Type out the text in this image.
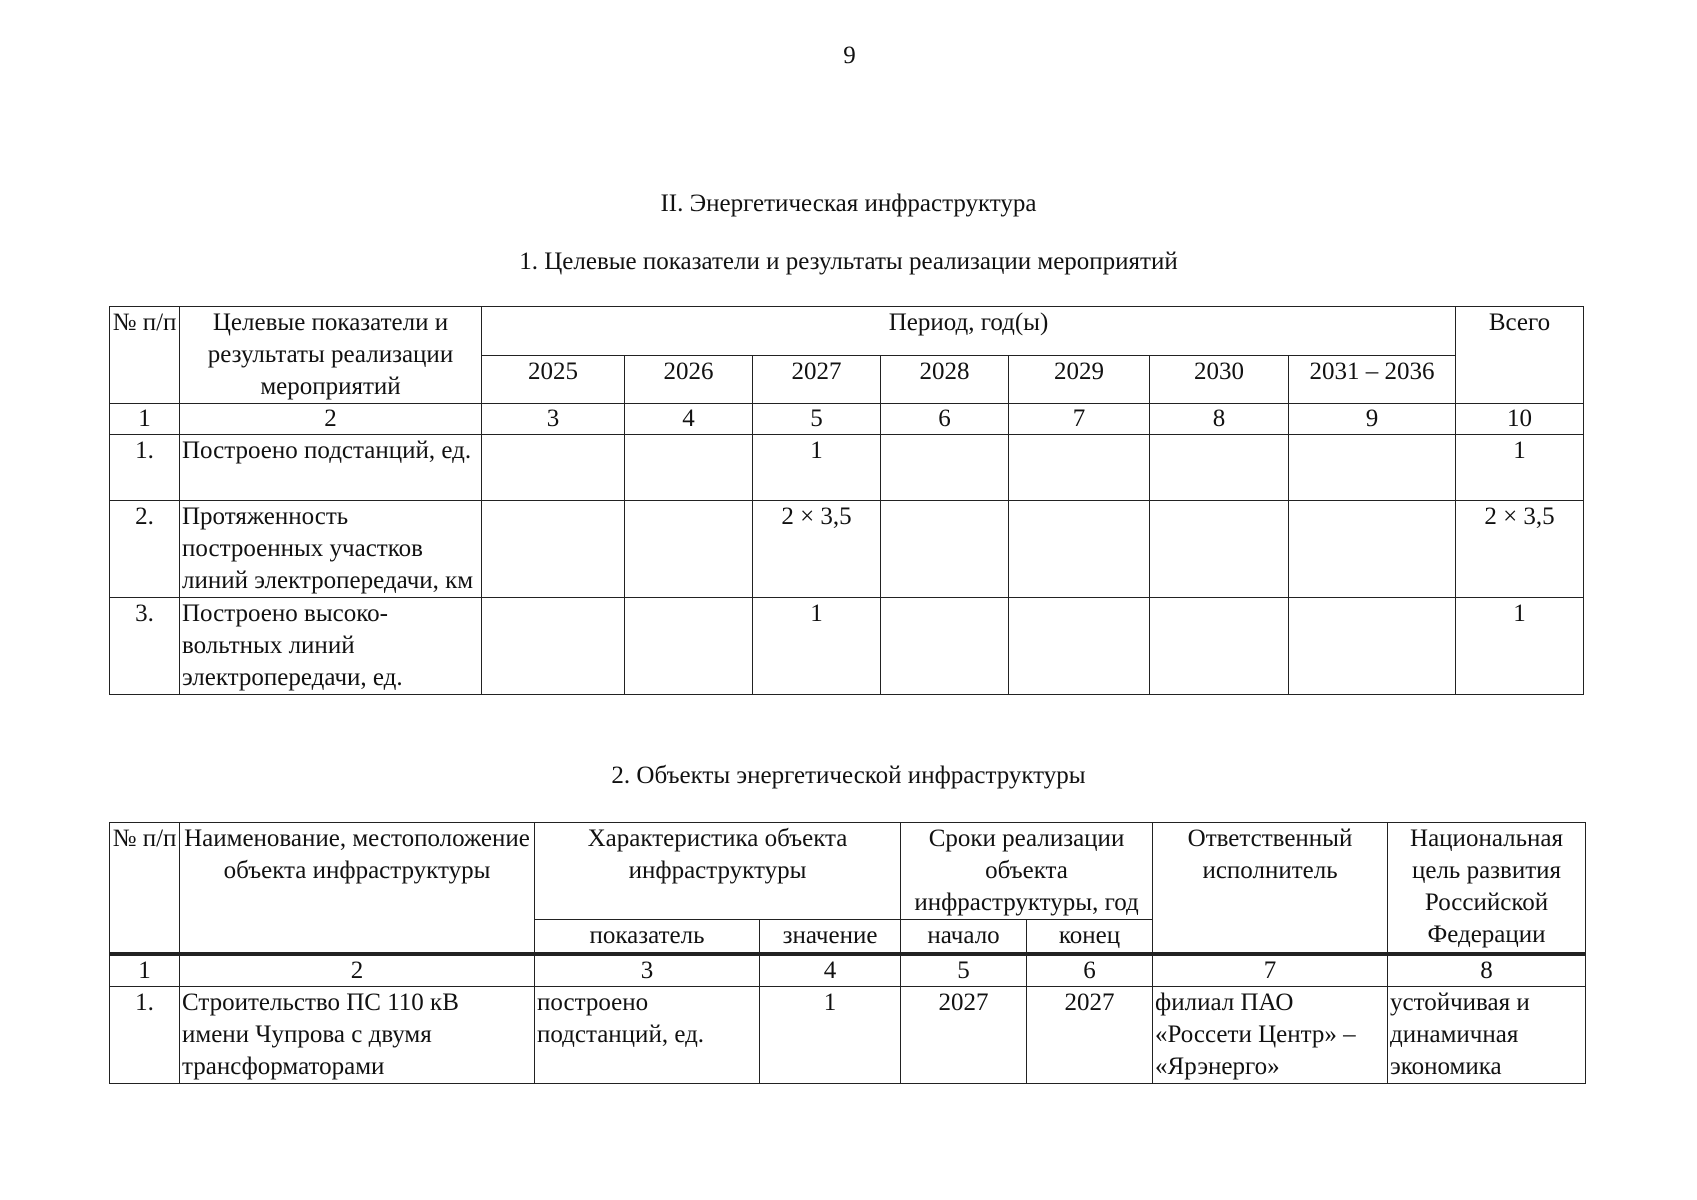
9
II. Энергетическая инфраструктура
1. Целевые показатели и результаты реализации мероприятий
№ п/п	Целевые показатели и результаты реализации мероприятий	Период, год(ы)							Всего
		2025	2026	2027	2028	2029	2030	2031 – 2036	
1	2	3	4	5	6	7	8	9	10
1.	Построено подстанций, ед.			1					1
2.	Протяженность построенных участков линий электропередачи, км			2 × 3,5					2 × 3,5
3.	Построено высоко-вольтных линий электропередачи, ед.			1					1
2. Объекты энергетической инфраструктуры
№ п/п	Наименование, местоположение объекта инфраструктуры	Характеристика объекта инфраструктуры		Сроки реализации объекта инфраструктуры, год		Ответственный исполнитель	Национальная цель развития Российской Федерации
		показатель	значение	начало	конец		
1	2	3	4	5	6	7	8
1.	Строительство ПС 110 кВ имени Чупрова с двумя трансформаторами	построено подстанций, ед.	1	2027	2027	филиал ПАО «Россети Центр» – «Ярэнерго»	устойчивая и динамичная экономика
